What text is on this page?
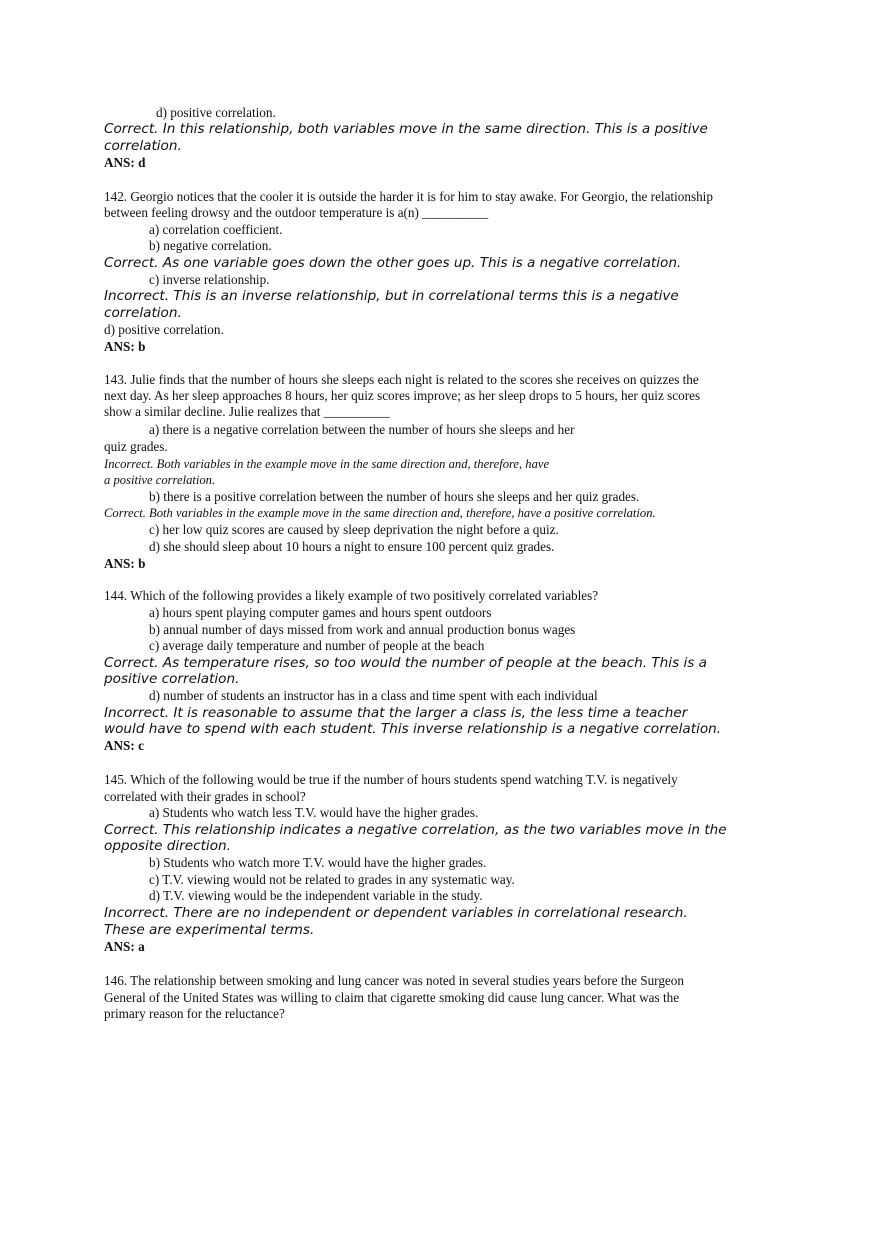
d) positive correlation.
Correct. In this relationship, both variables move in the same direction. This is a positive
correlation.
ANS: d
142. Georgio notices that the cooler it is outside the harder it is for him to stay awake. For Georgio, the relationship
between feeling drowsy and the outdoor temperature is a(n) __________
a) correlation coefficient.
b) negative correlation.
Correct. As one variable goes down the other goes up. This is a negative correlation.
c) inverse relationship.
Incorrect. This is an inverse relationship, but in correlational terms this is a negative
correlation.
d) positive correlation.
ANS: b
143. Julie finds that the number of hours she sleeps each night is related to the scores she receives on quizzes the
next day. As her sleep approaches 8 hours, her quiz scores improve; as her sleep drops to 5 hours, her quiz scores
show a similar decline. Julie realizes that __________
a) there is a negative correlation between the number of hours she sleeps and her
quiz grades.
Incorrect. Both variables in the example move in the same direction and, therefore, have
a positive correlation.
b) there is a positive correlation between the number of hours she sleeps and her quiz grades.
Correct. Both variables in the example move in the same direction and, therefore, have a positive correlation.
c) her low quiz scores are caused by sleep deprivation the night before a quiz.
d) she should sleep about 10 hours a night to ensure 100 percent quiz grades.
ANS: b
144. Which of the following provides a likely example of two positively correlated variables?
a) hours spent playing computer games and hours spent outdoors
b) annual number of days missed from work and annual production bonus wages
c) average daily temperature and number of people at the beach
Correct. As temperature rises, so too would the number of people at the beach. This is a
positive correlation.
d) number of students an instructor has in a class and time spent with each individual
Incorrect. It is reasonable to assume that the larger a class is, the less time a teacher
would have to spend with each student. This inverse relationship is a negative correlation.
ANS: c
145. Which of the following would be true if the number of hours students spend watching T.V. is negatively
correlated with their grades in school?
a) Students who watch less T.V. would have the higher grades.
Correct. This relationship indicates a negative correlation, as the two variables move in the
opposite direction.
b) Students who watch more T.V. would have the higher grades.
c) T.V. viewing would not be related to grades in any systematic way.
d) T.V. viewing would be the independent variable in the study.
Incorrect. There are no independent or dependent variables in correlational research.
These are experimental terms.
ANS: a
146. The relationship between smoking and lung cancer was noted in several studies years before the Surgeon
General of the United States was willing to claim that cigarette smoking did cause lung cancer. What was the
primary reason for the reluctance?
